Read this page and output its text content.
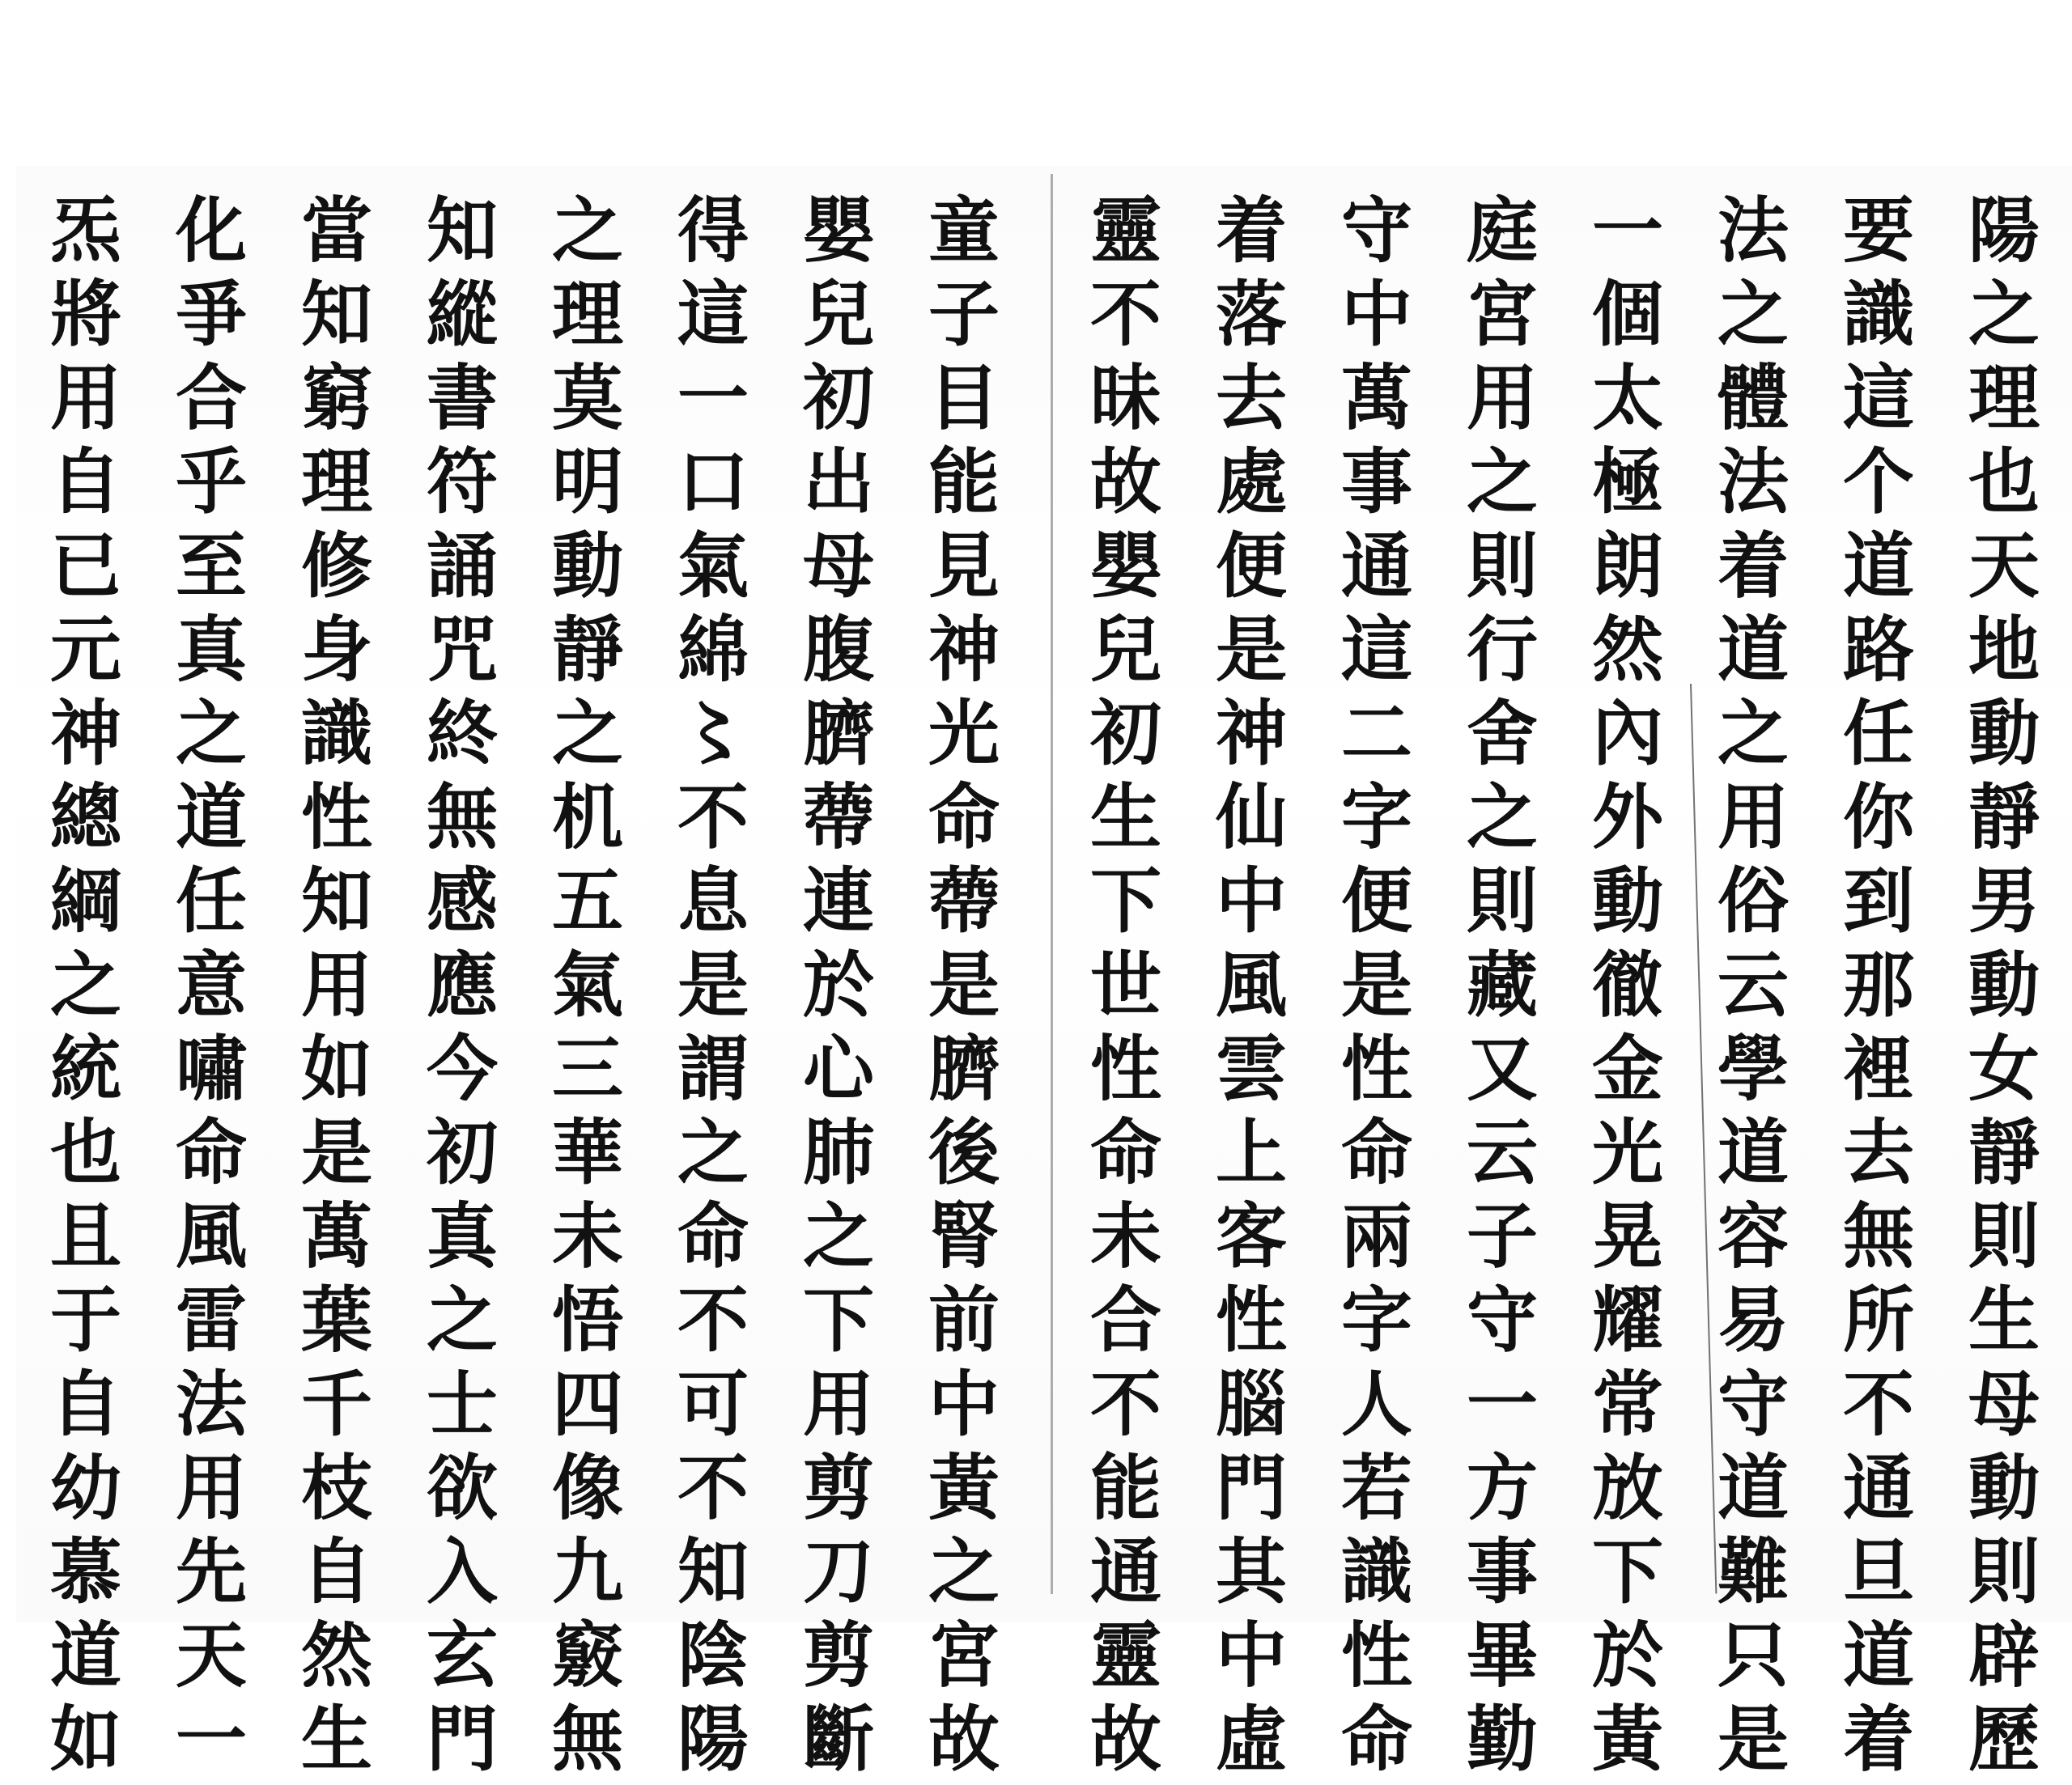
陽之理也天地動靜男動女靜則生母動則辟歷
要識這个道路任你到那裡去無所不通旦道着
法之體法着道之用俗云學道容易守道難只是
一個太極朗然內外動徹金光晃耀常放下於黃
庭宮用之則行舍之則藏又云子守一方事畢勤
守中萬事通這二字便是性命兩字人若識性命
着落去處便是神仙中風雲上客性腦門其中虛
靈不昧故嬰兒初生下世性命未合不能通靈故
童子目能見神光命蔕是臍後腎前中黃之宮故
嬰兒初出母腹臍蔕連於心肺之下用剪刀剪斷
得這一口氣綿〻不息是謂之命不可不知陰陽
之理莫明動靜之机五氣三華未悟四像九竅無
知縱書符誦咒終無感應今初真之士欲入玄門
當知窮理修身識性知用如是萬葉千枝自然生
化爭合乎至真之道任意嘯命風雷法用先天一
炁將用自已元神總綱之統也且于自幼慕道如
